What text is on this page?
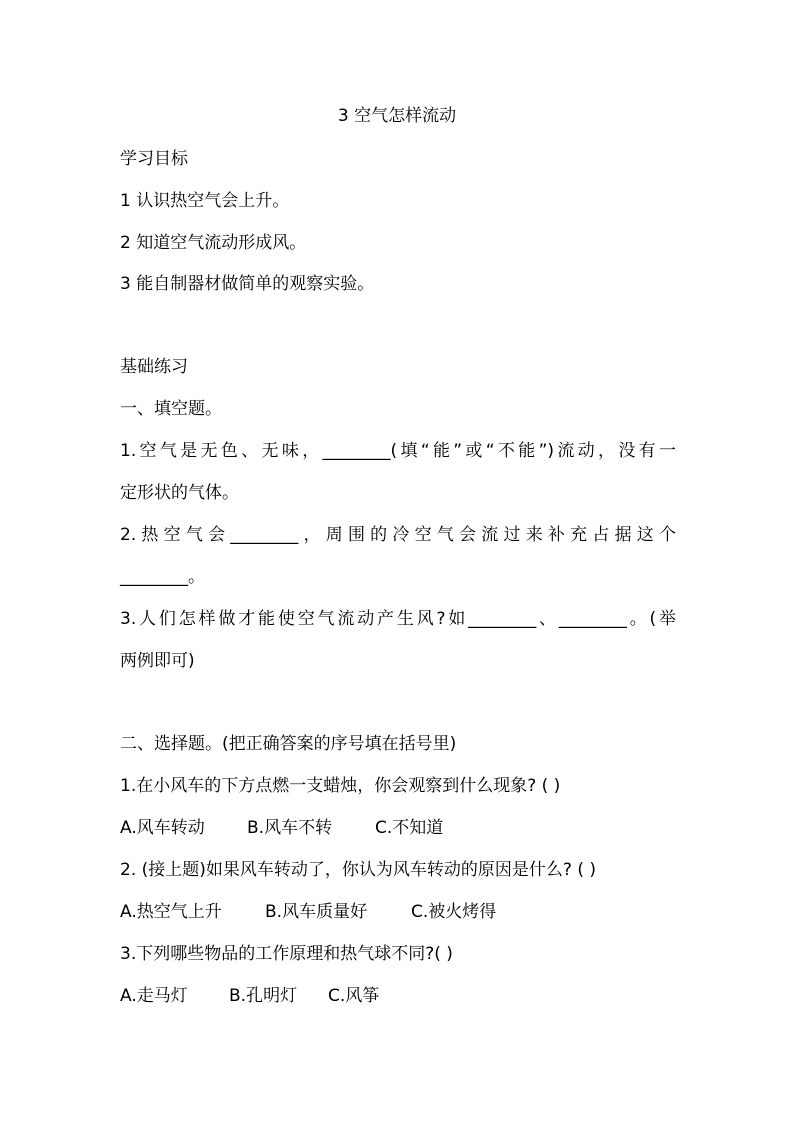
3 空气怎样流动
学习目标
1 认识热空气会上升。
2 知道空气流动形成风。
3 能自制器材做简单的观察实验。
基础练习
一、填空题。
1.空气是无色、无味，________(填“能”或“不能”)流动，没有一
定形状的气体。
2.热空气会________，周围的冷空气会流过来补充占据这个
________。
3.人们怎样做才能使空气流动产生风?如________、________。(举
两例即可)
二、选择题。(把正确答案的序号填在括号里)
1.在小风车的下方点燃一支蜡烛，你会观察到什么现象? ( )
A.风车转动 B.风车不转	C.不知道
2. (接上题)如果风车转动了，你认为风车转动的原因是什么? ( )
A.热空气上升	B.风车质量好	C.被火烤得
3.下列哪些物品的工作原理和热气球不同?( )
A.走马灯 B.孔明灯 C.风筝
